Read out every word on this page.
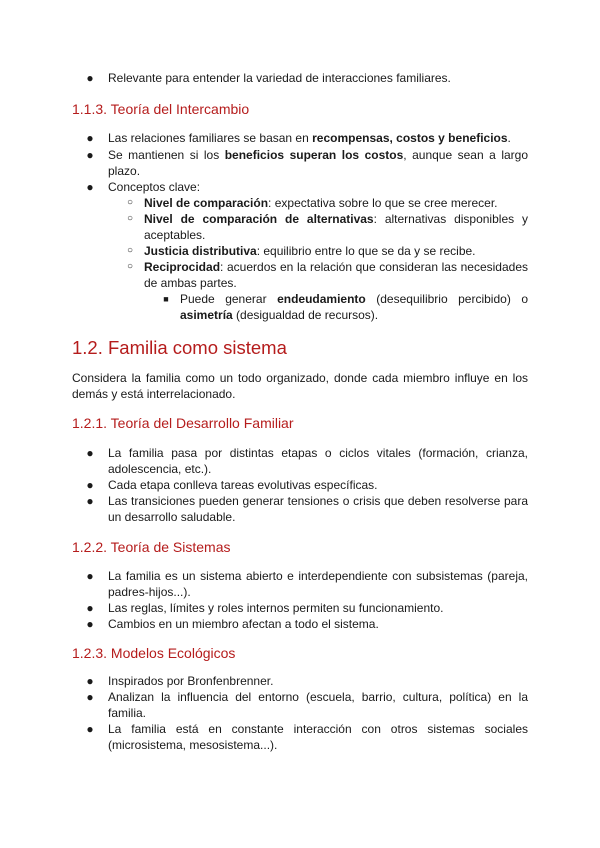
● Relevante para entender la variedad de interacciones familiares.
1.1.3. Teoría del Intercambio
● Las relaciones familiares se basan en recompensas, costos y beneficios.
● Se mantienen si los beneficios superan los costos, aunque sean a largo plazo.
● Conceptos clave:
○ Nivel de comparación: expectativa sobre lo que se cree merecer.
○ Nivel de comparación de alternativas: alternativas disponibles y aceptables.
○ Justicia distributiva: equilibrio entre lo que se da y se recibe.
○ Reciprocidad: acuerdos en la relación que consideran las necesidades de ambas partes.
■ Puede generar endeudamiento (desequilibrio percibido) o asimetría (desigualdad de recursos).
1.2. Familia como sistema
Considera la familia como un todo organizado, donde cada miembro influye en los demás y está interrelacionado.
1.2.1. Teoría del Desarrollo Familiar
● La familia pasa por distintas etapas o ciclos vitales (formación, crianza, adolescencia, etc.).
● Cada etapa conlleva tareas evolutivas específicas.
● Las transiciones pueden generar tensiones o crisis que deben resolverse para un desarrollo saludable.
1.2.2. Teoría de Sistemas
● La familia es un sistema abierto e interdependiente con subsistemas (pareja, padres-hijos...).
● Las reglas, límites y roles internos permiten su funcionamiento.
● Cambios en un miembro afectan a todo el sistema.
1.2.3. Modelos Ecológicos
● Inspirados por Bronfenbrenner.
● Analizan la influencia del entorno (escuela, barrio, cultura, política) en la familia.
● La familia está en constante interacción con otros sistemas sociales (microsistema, mesosistema...).
